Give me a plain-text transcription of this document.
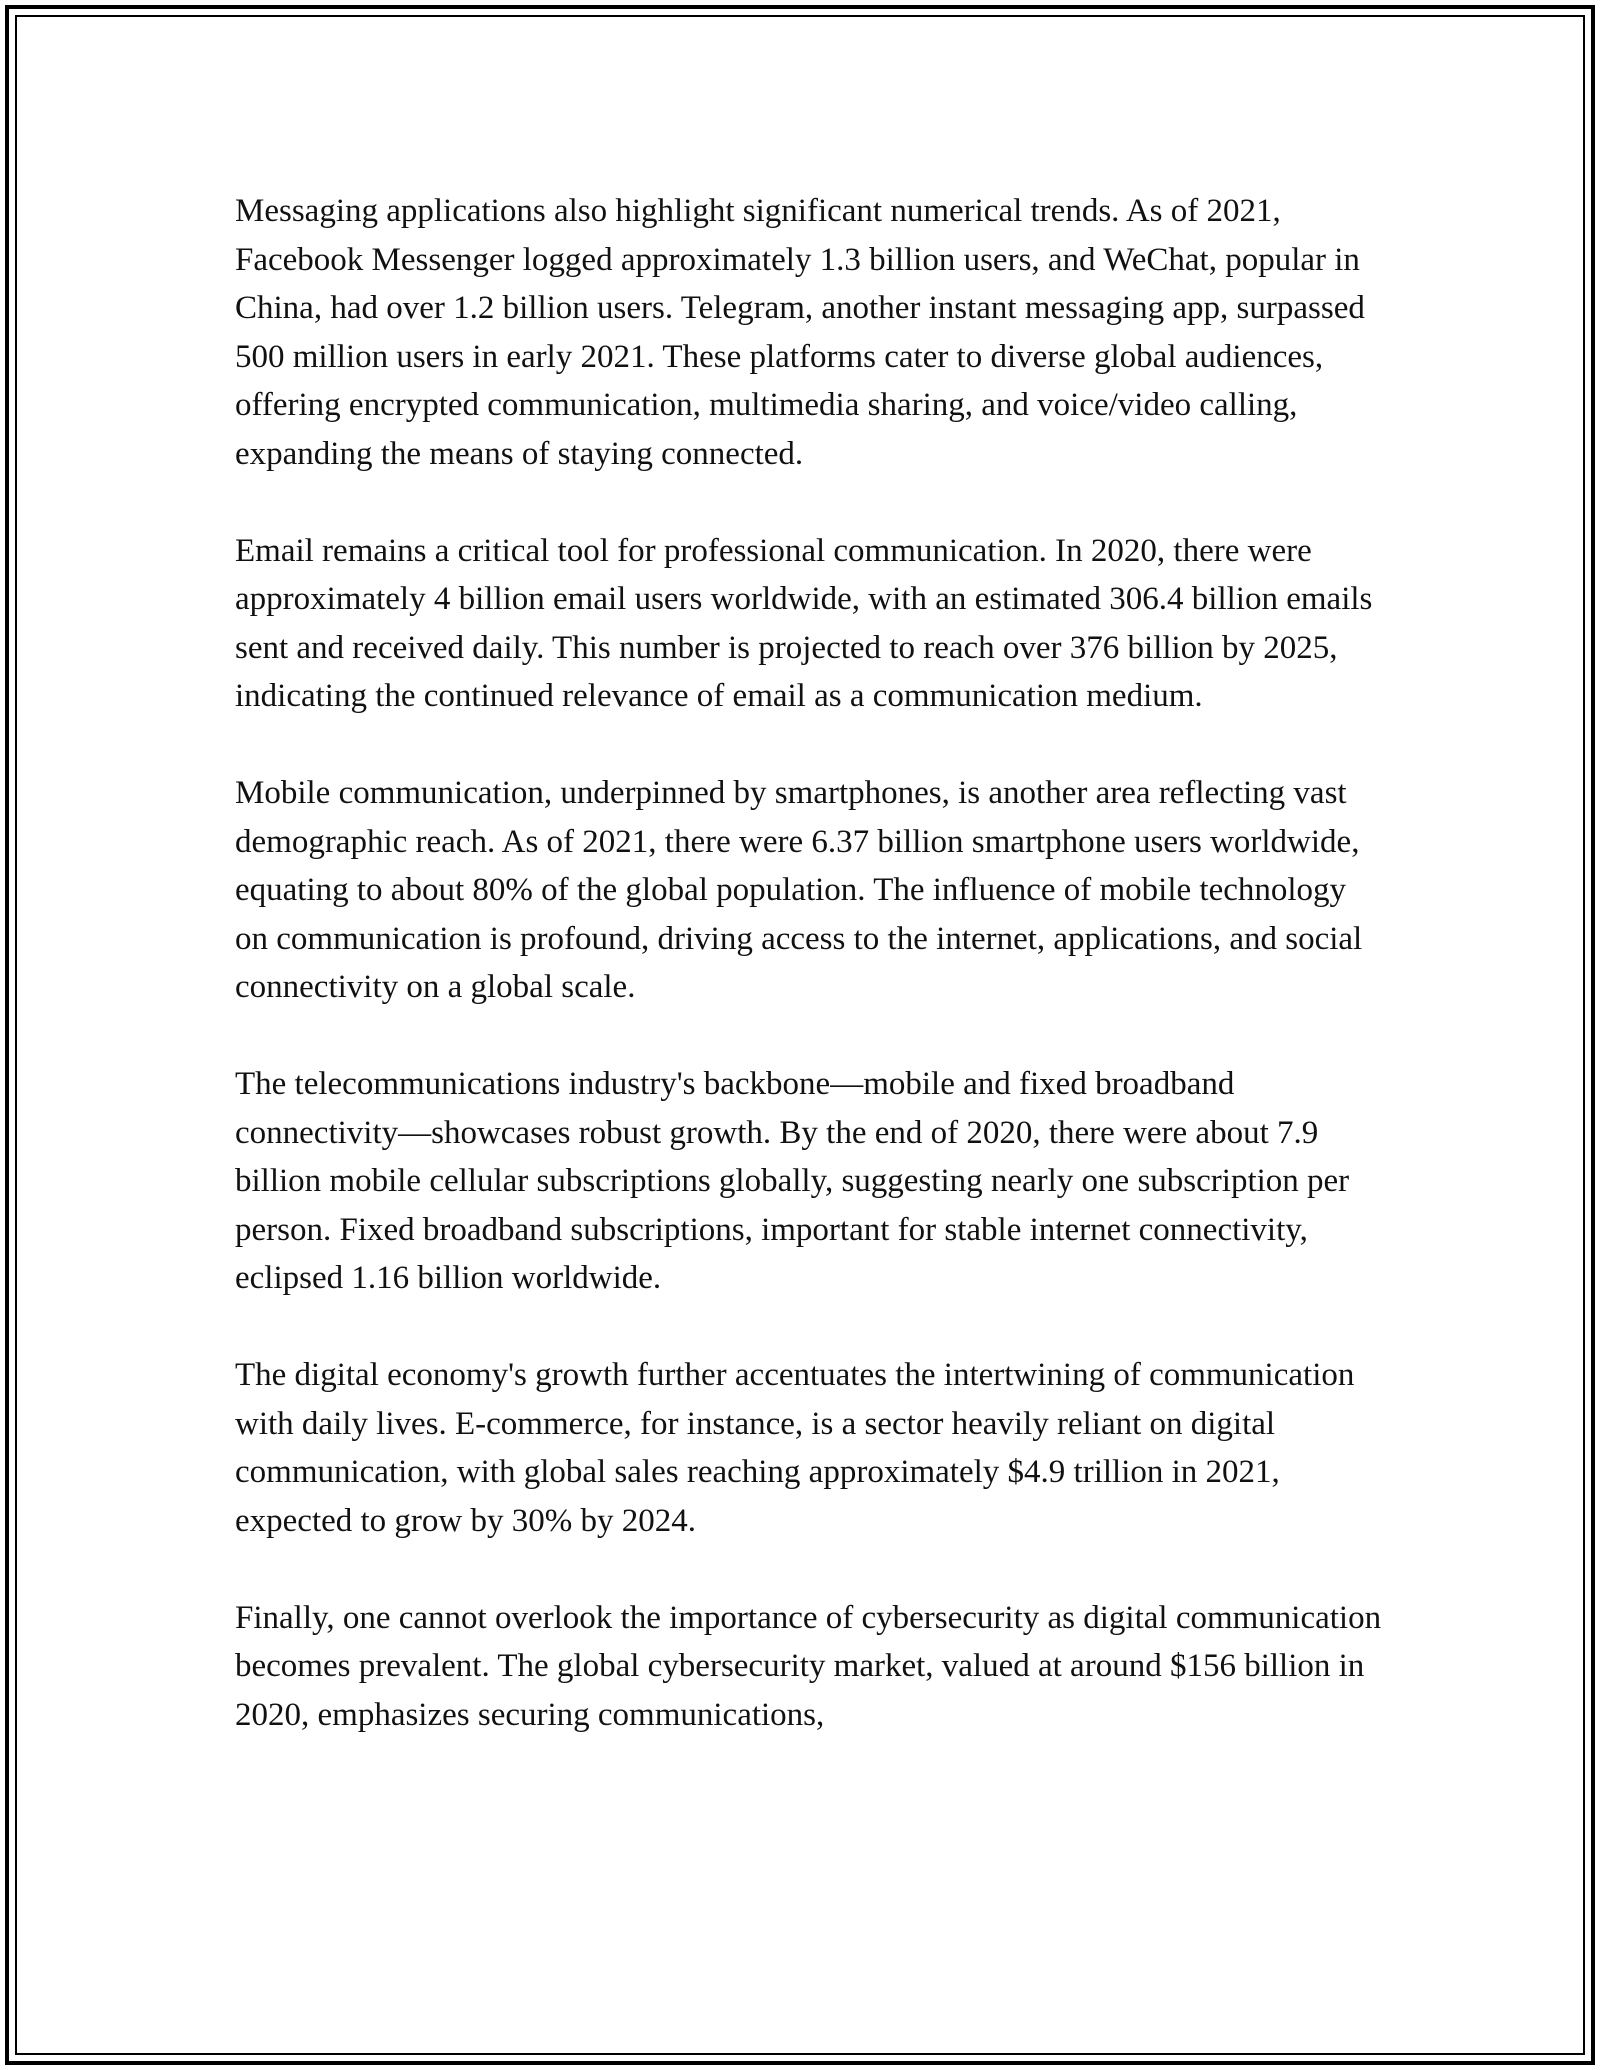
Messaging applications also highlight significant numerical trends. As of 2021, Facebook Messenger logged approximately 1.3 billion users, and WeChat, popular in China, had over 1.2 billion users. Telegram, another instant messaging app, surpassed 500 million users in early 2021. These platforms cater to diverse global audiences, offering encrypted communication, multimedia sharing, and voice/video calling, expanding the means of staying connected.

Email remains a critical tool for professional communication. In 2020, there were approximately 4 billion email users worldwide, with an estimated 306.4 billion emails sent and received daily. This number is projected to reach over 376 billion by 2025, indicating the continued relevance of email as a communication medium.

Mobile communication, underpinned by smartphones, is another area reflecting vast demographic reach. As of 2021, there were 6.37 billion smartphone users worldwide, equating to about 80% of the global population. The influence of mobile technology on communication is profound, driving access to the internet, applications, and social connectivity on a global scale.

The telecommunications industry's backbone—mobile and fixed broadband connectivity—showcases robust growth. By the end of 2020, there were about 7.9 billion mobile cellular subscriptions globally, suggesting nearly one subscription per person. Fixed broadband subscriptions, important for stable internet connectivity, eclipsed 1.16 billion worldwide.

The digital economy's growth further accentuates the intertwining of communication with daily lives. E-commerce, for instance, is a sector heavily reliant on digital communication, with global sales reaching approximately $4.9 trillion in 2021, expected to grow by 30% by 2024.

Finally, one cannot overlook the importance of cybersecurity as digital communication becomes prevalent. The global cybersecurity market, valued at around $156 billion in 2020, emphasizes securing communications,
